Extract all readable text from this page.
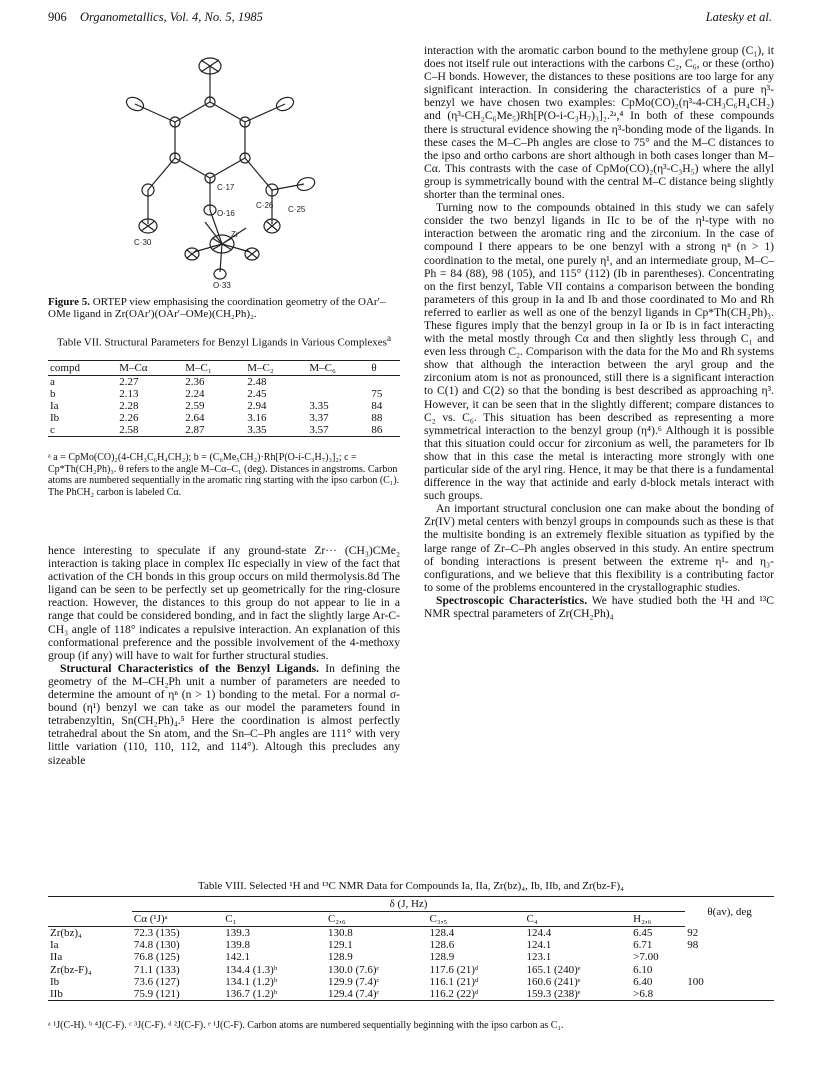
906 Organometallics, Vol. 4, No. 5, 1985	Latesky et al.
C·17
C·26 C·25
O·16
C·30
Zr
O·33
Figure 5. ORTEP view emphasising the coordination geometry of the OAr′–OMe ligand in Zr(OAr′)(OAr′–OMe)(CH₂Ph)₂.
Table VII. Structural Parameters for Benzyl Ligands in Various Complexes$^a$
compd	M–Cα	M–C₁	M–C₂	M–C₆	θ
a	2.27	2.36	2.48		
b	2.13	2.24	2.45		75
Ia	2.28	2.59	2.94	3.35	84
Ib	2.26	2.64	3.16	3.37	88
c	2.58	2.87	3.35	3.57	86
ᵃ a = CpMo(CO)₂(4-CH₃C₆H₄CH₂); b = (C₆Me₅CH₂)·Rh[P(O-i-C₃H₇)₃]₂; c = Cp*Th(CH₂Ph)₃. θ refers to the angle M–Cα–C₁ (deg). Distances in angstroms. Carbon atoms are numbered sequentially in the aromatic ring starting with the ipso carbon (C₁). The PhCH₂ carbon is labeled Cα.

hence interesting to speculate if any ground-state Zr··· (CH₃)CMe₂ interaction is taking place in complex IIc especially in view of the fact that activation of the CH bonds in this group occurs on mild thermolysis.8d The ligand can be seen to be perfectly set up geometrically for the ring-closure reaction. However, the distances to this group do not appear to lie in a range that could be considered bonding, and in fact the slightly large Ar-C-CH₃ angle of 118° indicates a repulsive interaction. An explanation of this conformational preference and the possible involvement of the 4-methoxy group (if any) will have to wait for further structural studies.

Structural Characteristics of the Benzyl Ligands. In defining the geometry of the M–CH₂Ph unit a number of parameters are needed to determine the amount of ηⁿ (n > 1) bonding to the metal. For a normal σ-bound (η¹) benzyl we can take as our model the parameters found in tetrabenzyltin, Sn(CH₂Ph)₄.⁵ Here the coordination is almost perfectly tetrahedral about the Sn atom, and the Sn–C–Ph angles are 111° with very little variation (110, 110, 112, and 114°). Altough this precludes any sizeable

interaction with the aromatic carbon bound to the methylene group (C₁), it does not itself rule out interactions with the carbons C₂, C₆, or these (ortho) C–H bonds. However, the distances to these positions are too large for any significant interaction. In considering the characteristics of a pure η³-benzyl we have chosen two examples: CpMo(CO)₂(η³-4-CH₃C₆H₄CH₂) and (η³-CH₂C₆Me₅)Rh[P(O-i-C₃H₇)₃]₂.²ᵃ,⁴ In both of these compounds there is structural evidence showing the η³-bonding mode of the ligands. In these cases the M–C–Ph angles are close to 75° and the M–C distances to the ipso and ortho carbons are short although in both cases longer than M–Cα. This contrasts with the case of CpMo(CO)₂(η³-C₃H₅) where the allyl group is symmetrically bound with the central M–C distance being slightly shorter than the terminal ones.

Turning now to the compounds obtained in this study we can safely consider the two benzyl ligands in IIc to be of the η¹-type with no interaction between the aromatic ring and the zirconium. In the case of compound I there appears to be one benzyl with a strong ηⁿ (n > 1) coordination to the metal, one purely η¹, and an intermediate group, M–C–Ph = 84 (88), 98 (105), and 115° (112) (Ib in parentheses). Concentrating on the first benzyl, Table VII contains a comparison between the bonding parameters of this group in Ia and Ib and those coordinated to Mo and Rh referred to earlier as well as one of the benzyl ligands in Cp*Th(CH₂Ph)₃. These figures imply that the benzyl group in Ia or Ib is in fact interacting with the metal mostly through Cα and then slightly less through C₁ and even less through C₂. Comparison with the data for the Mo and Rh systems show that although the interaction between the aryl group and the zirconium atom is not as pronounced, still there is a significant interaction to C(1) and C(2) so that the bonding is best described as approaching η³. However, it can be seen that in the slightly different; compare distances to C₂ vs. C₆. This situation has been described as representing a more symmetrical interaction to the benzyl group (η⁴).⁶ Although it is possible that this situation could occur for zirconium as well, the parameters for Ib show that in this case the metal is interacting more strongly with one particular side of the aryl ring. Hence, it may be that there is a fundamental difference in the way that actinide and early d-block metals interact with such groups.

An important structural conclusion one can make about the bonding of Zr(IV) metal centers with benzyl groups in compounds such as these is that the multisite bonding is an extremely flexible situation as typified by the large range of Zr–C–Ph angles observed in this study. An entire spectrum of bonding interactions is present between the extreme η¹- and η₃-configurations, and we believe that this flexibility is a contributing factor to some of the problems encountered in the crystallographic studies.

Spectroscopic Characteristics. We have studied both the ¹H and ¹³C NMR spectral parameters of Zr(CH₂Ph)₄

Table VIII. Selected ¹H and ¹³C NMR Data for Compounds Ia, IIa, Zr(bz)₄, Ib, IIb, and Zr(bz-F)₄
	δ (J, Hz)						θ(av), deg
	Cα (¹J)ᵃ	C₁	C₂,₆	C₃,₅	C₄	H₂,₆	
Zr(bz)₄	72.3 (135)	139.3	130.8	128.4	124.4	6.45	92
Ia	74.8 (130)	139.8	129.1	128.6	124.1	6.71	98
IIa	76.8 (125)	142.1	128.9	128.9	123.1	>7.00	
Zr(bz-F)₄	71.1 (133)	134.4 (1.3)ᵇ	130.0 (7.6)ᶜ	117.6 (21)ᵈ	165.1 (240)ᵉ	6.10	
Ib	73.6 (127)	134.1 (1.2)ᵇ	129.9 (7.4)ᶜ	116.1 (21)ᵈ	160.6 (241)ᵉ	6.40	100
IIb	75.9 (121)	136.7 (1.2)ᵇ	129.4 (7.4)ᶜ	116.2 (22)ᵈ	159.3 (238)ᵉ	>6.8	
ᵃ ¹J(C-H). ᵇ ⁴J(C-F). ᶜ ³J(C-F). ᵈ ²J(C-F). ᵉ ¹J(C-F). Carbon atoms are numbered sequentially beginning with the ipso carbon as C₁.
